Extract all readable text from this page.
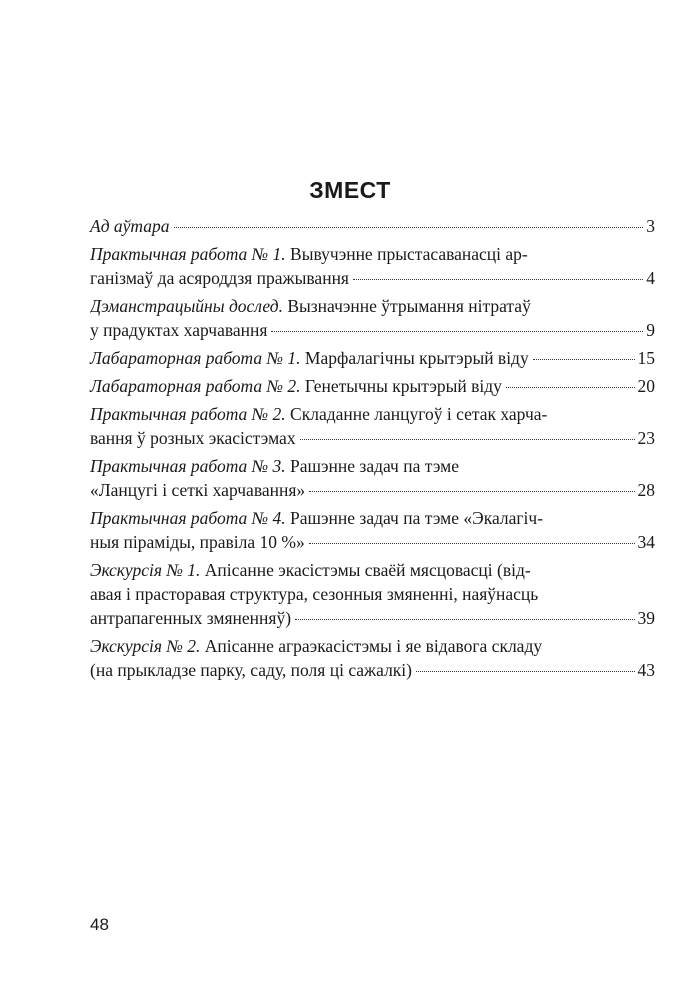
ЗМЕСТ
Ад аўтара	3
Практычная работа № 1. Вывучэнне прыстасаванасці ар-
ганізмаў да асяроддзя пражывання	4
Дэманстрацыйны дослед. Вызначэнне ўтрымання нітратаў
у прадуктах харчавання	9
Лабараторная работа № 1. Марфалагічны крытэрый віду	15
Лабараторная работа № 2. Генетычны крытэрый віду	20
Практычная работа № 2. Складанне ланцугоў і сетак харча-
вання ў розных экасістэмах	23
Практычная работа № 3. Рашэнне задач па тэме
«Ланцугі і сеткі харчавання»	28
Практычная работа № 4. Рашэнне задач па тэме «Экалагіч-
ныя піраміды, правіла 10 %»	34
Экскурсія № 1. Апісанне экасістэмы сваёй мясцовасці (від-
авая і прасторавая структура, сезонныя змяненні, наяўнасць
антрапагенных змяненняў)	39
Экскурсія № 2. Апісанне аграэкасістэмы і яе відавога складу
(на прыкладзе парку, саду, поля ці сажалкі)	43
48
